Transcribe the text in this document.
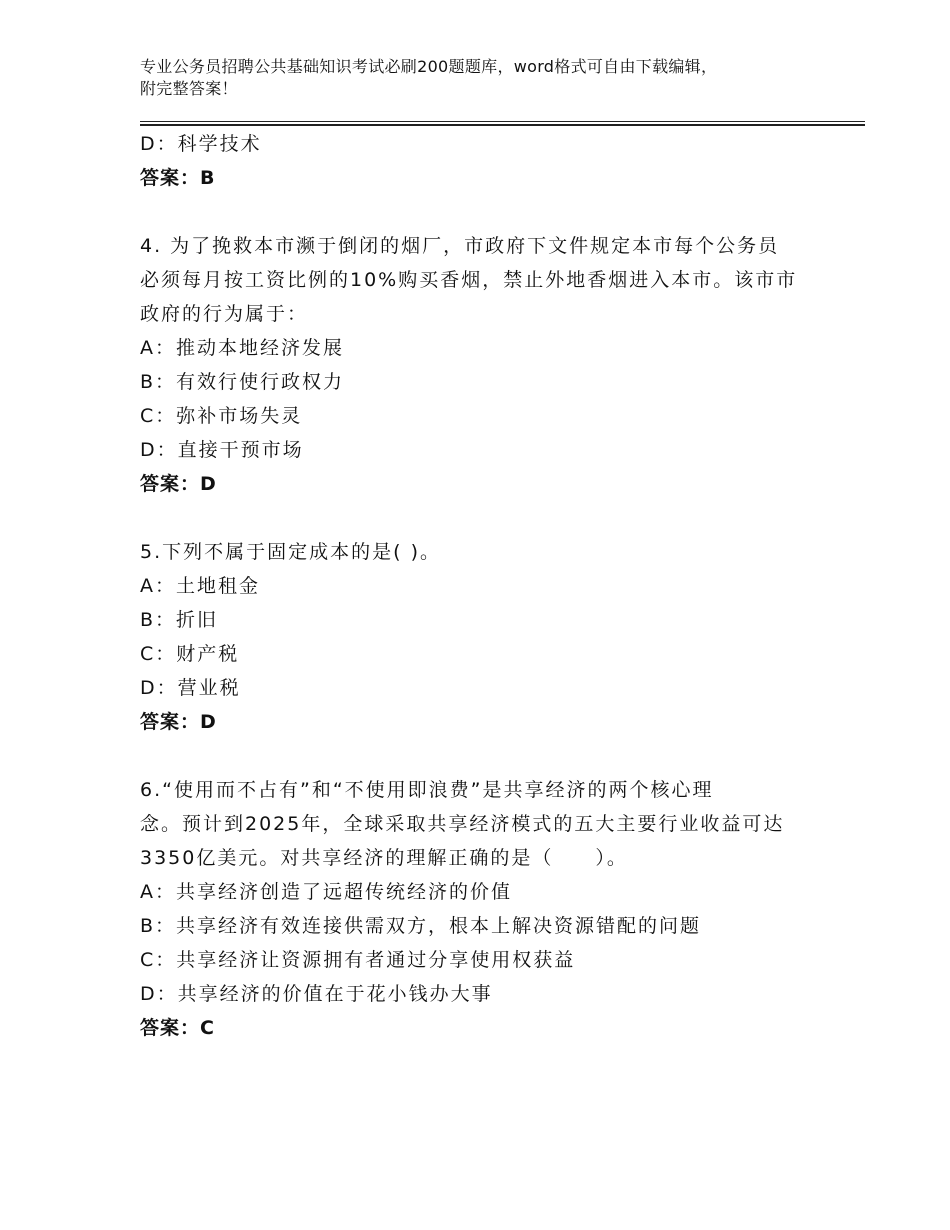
专业公务员招聘公共基础知识考试必刷200题题库，word格式可自由下载编辑，
附完整答案！
D：科学技术
答案：B
4. 为了挽救本市濒于倒闭的烟厂，市政府下文件规定本市每个公务员
必须每月按工资比例的10%购买香烟，禁止外地香烟进入本市。该市市
政府的行为属于：
A：推动本地经济发展
B：有效行使行政权力
C：弥补市场失灵
D：直接干预市场
答案：D
5.下列不属于固定成本的是( )。
A：土地租金
B：折旧
C：财产税
D：营业税
答案：D
6.“使用而不占有”和“不使用即浪费”是共享经济的两个核心理
念。预计到2025年，全球采取共享经济模式的五大主要行业收益可达
3350亿美元。对共享经济的理解正确的是（　　）。
A：共享经济创造了远超传统经济的价值
B：共享经济有效连接供需双方，根本上解决资源错配的问题
C：共享经济让资源拥有者通过分享使用权获益
D：共享经济的价值在于花小钱办大事
答案：C
